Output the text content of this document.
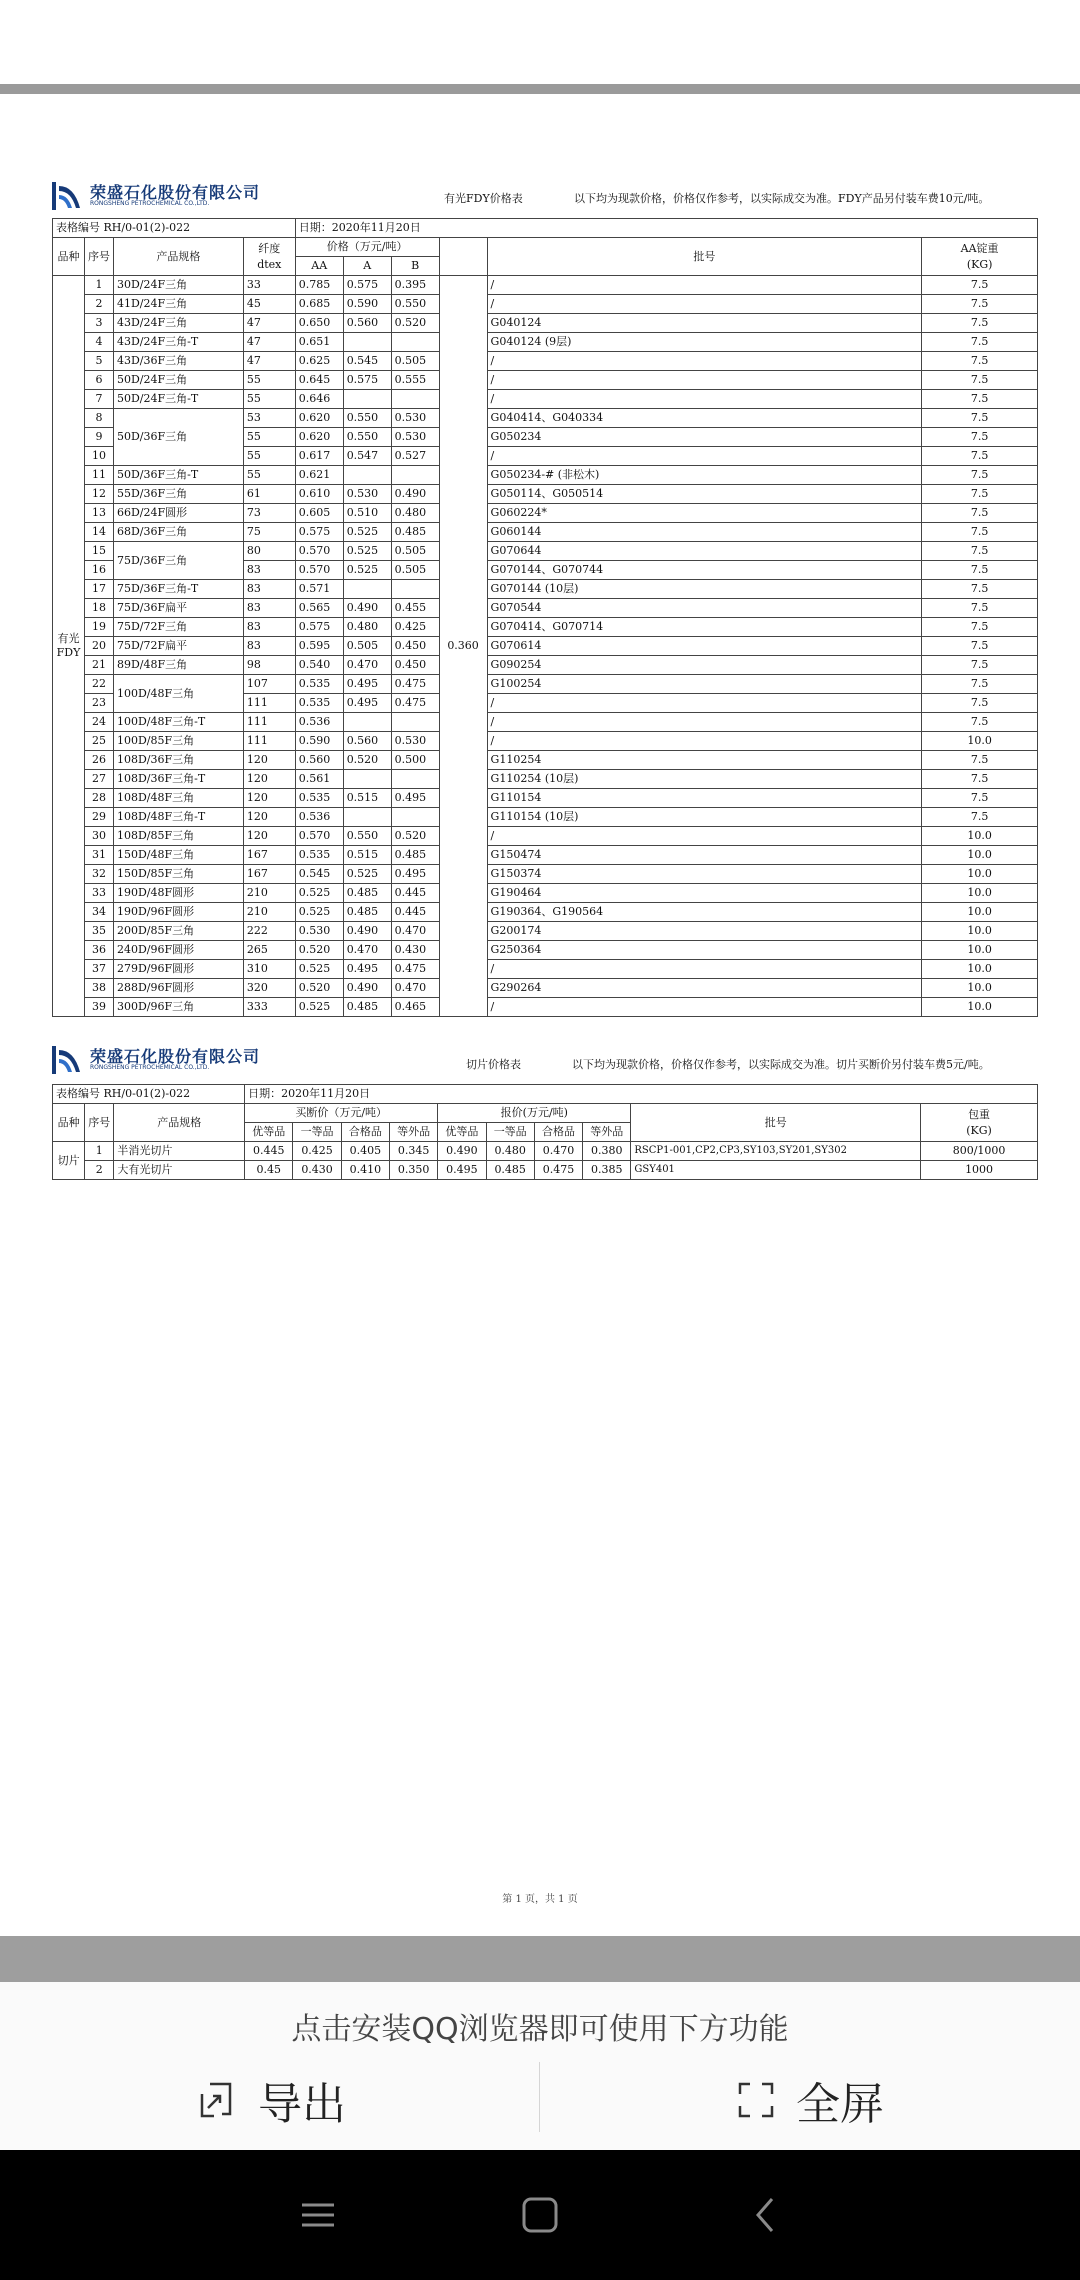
荣盛石化股份有限公司
RONGSHENG PETROCHEMICAL CO.,LTD.	有光FDY价格表	以下均为现款价格，价格仅作参考，以实际成交为准。FDY产品另付装车费10元/吨。
表格编号 RH/0-01(2)-022				日期：2020年11月20日					
品种	序号	产品规格	纤度
dtex	价格（万元/吨）				批号	AA锭重
(KG)
				AA	A	B			
有光FDY	1	30D/24F三角	33	0.785	0.575	0.395	0.360	/	7.5
	2	41D/24F三角	45	0.685	0.590	0.550		/	7.5
	3	43D/24F三角	47	0.650	0.560	0.520		G040124	7.5
	4	43D/24F三角-T	47	0.651				G040124 (9层)	7.5
	5	43D/36F三角	47	0.625	0.545	0.505		/	7.5
	6	50D/24F三角	55	0.645	0.575	0.555		/	7.5
	7	50D/24F三角-T	55	0.646				/	7.5
	8	50D/36F三角	53	0.620	0.550	0.530		G040414、G040334	7.5
	9		55	0.620	0.550	0.530		G050234	7.5
	10		55	0.617	0.547	0.527		/	7.5
	11	50D/36F三角-T	55	0.621				G050234-# (非松木)	7.5
	12	55D/36F三角	61	0.610	0.530	0.490		G050114、G050514	7.5
	13	66D/24F圆形	73	0.605	0.510	0.480		G060224*	7.5
	14	68D/36F三角	75	0.575	0.525	0.485		G060144	7.5
	15	75D/36F三角	80	0.570	0.525	0.505		G070644	7.5
	16		83	0.570	0.525	0.505		G070144、G070744	7.5
	17	75D/36F三角-T	83	0.571				G070144 (10层)	7.5
	18	75D/36F扁平	83	0.565	0.490	0.455		G070544	7.5
	19	75D/72F三角	83	0.575	0.480	0.425		G070414、G070714	7.5
	20	75D/72F扁平	83	0.595	0.505	0.450		G070614	7.5
	21	89D/48F三角	98	0.540	0.470	0.450		G090254	7.5
	22	100D/48F三角	107	0.535	0.495	0.475		G100254	7.5
	23		111	0.535	0.495	0.475		/	7.5
	24	100D/48F三角-T	111	0.536				/	7.5
	25	100D/85F三角	111	0.590	0.560	0.530		/	10.0
	26	108D/36F三角	120	0.560	0.520	0.500		G110254	7.5
	27	108D/36F三角-T	120	0.561				G110254 (10层)	7.5
	28	108D/48F三角	120	0.535	0.515	0.495		G110154	7.5
	29	108D/48F三角-T	120	0.536				G110154 (10层)	7.5
	30	108D/85F三角	120	0.570	0.550	0.520		/	10.0
	31	150D/48F三角	167	0.535	0.515	0.485		G150474	10.0
	32	150D/85F三角	167	0.545	0.525	0.495		G150374	10.0
	33	190D/48F圆形	210	0.525	0.485	0.445		G190464	10.0
	34	190D/96F圆形	210	0.525	0.485	0.445		G190364、G190564	10.0
	35	200D/85F三角	222	0.530	0.490	0.470		G200174	10.0
	36	240D/96F圆形	265	0.520	0.470	0.430		G250364	10.0
	37	279D/96F圆形	310	0.525	0.495	0.475		/	10.0
	38	288D/96F圆形	320	0.520	0.490	0.470		G290264	10.0
	39	300D/96F三角	333	0.525	0.485	0.465		/	10.0
荣盛石化股份有限公司
RONGSHENG PETROCHEMICAL CO.,LTD.	切片价格表	以下均为现款价格，价格仅作参考，以实际成交为准。切片买断价另付装车费5元/吨。
表格编号 RH/0-01(2)-022			日期：2020年11月20日									
品种	序号	产品规格	买断价（万元/吨）				报价(万元/吨)				批号	包重
(KG)
			优等品	一等品	合格品	等外品	优等品	一等品	合格品	等外品		
切片	1	半消光切片	0.445	0.425	0.405	0.345	0.490	0.480	0.470	0.380	RSCP1-001,CP2,CP3,SY103,SY201,SY302	800/1000
	2	大有光切片	0.45	0.430	0.410	0.350	0.495	0.485	0.475	0.385	GSY401	1000
第 1 页，共 1 页
点击安装QQ浏览器即可使用下方功能
导出	全屏
